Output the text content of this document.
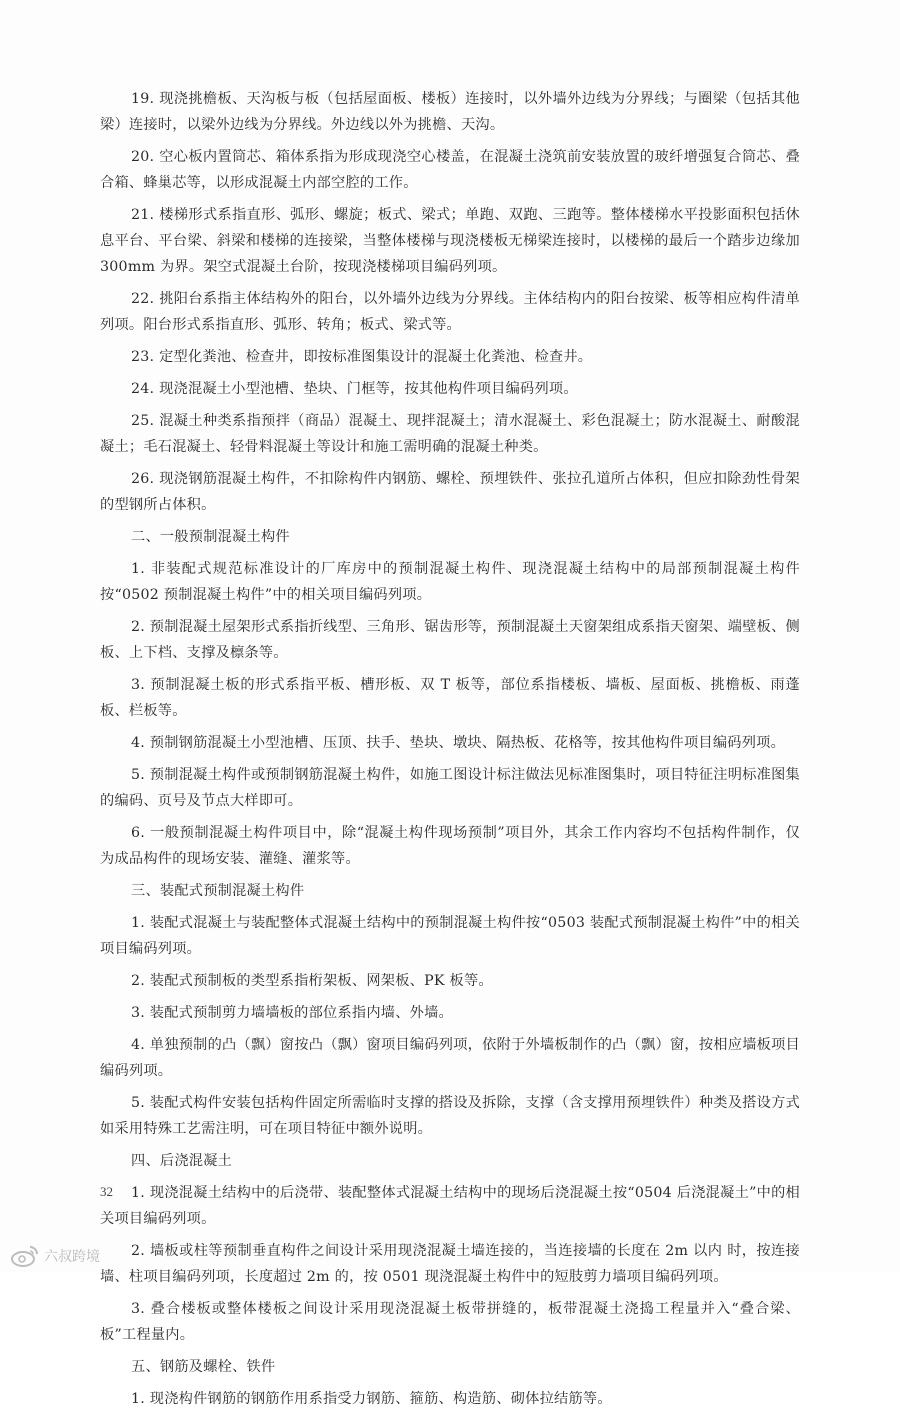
19. 现浇挑檐板、天沟板与板（包括屋面板、楼板）连接时，以外墙外边线为分界线；与圈梁（包括其他梁）连接时，以梁外边线为分界线。外边线以外为挑檐、天沟。

20. 空心板内置筒芯、箱体系指为形成现浇空心楼盖，在混凝土浇筑前安装放置的玻纤增强复合筒芯、叠合箱、蜂巢芯等，以形成混凝土内部空腔的工作。

21. 楼梯形式系指直形、弧形、螺旋；板式、梁式；单跑、双跑、三跑等。整体楼梯水平投影面积包括休息平台、平台梁、斜梁和楼梯的连接梁，当整体楼梯与现浇楼板无梯梁连接时，以楼梯的最后一个踏步边缘加 300mm 为界。架空式混凝土台阶，按现浇楼梯项目编码列项。

22. 挑阳台系指主体结构外的阳台，以外墙外边线为分界线。主体结构内的阳台按梁、板等相应构件清单列项。阳台形式系指直形、弧形、转角；板式、梁式等。

23. 定型化粪池、检查井，即按标准图集设计的混凝土化粪池、检查井。

24. 现浇混凝土小型池槽、垫块、门框等，按其他构件项目编码列项。

25. 混凝土种类系指预拌（商品）混凝土、现拌混凝土；清水混凝土、彩色混凝土；防水混凝土、耐酸混凝土；毛石混凝土、轻骨料混凝土等设计和施工需明确的混凝土种类。

26. 现浇钢筋混凝土构件，不扣除构件内钢筋、螺栓、预埋铁件、张拉孔道所占体积，但应扣除劲性骨架的型钢所占体积。

二、一般预制混凝土构件

1. 非装配式规范标准设计的厂库房中的预制混凝土构件、现浇混凝土结构中的局部预制混凝土构件按“0502 预制混凝土构件”中的相关项目编码列项。

2. 预制混凝土屋架形式系指折线型、三角形、锯齿形等，预制混凝土天窗架组成系指天窗架、端壁板、侧板、上下档、支撑及檩条等。

3. 预制混凝土板的形式系指平板、槽形板、双 T 板等，部位系指楼板、墙板、屋面板、挑檐板、雨蓬板、栏板等。

4. 预制钢筋混凝土小型池槽、压顶、扶手、垫块、墩块、隔热板、花格等，按其他构件项目编码列项。

5. 预制混凝土构件或预制钢筋混凝土构件，如施工图设计标注做法见标准图集时，项目特征注明标准图集的编码、页号及节点大样即可。

6. 一般预制混凝土构件项目中，除“混凝土构件现场预制”项目外，其余工作内容均不包括构件制作，仅为成品构件的现场安装、灌缝、灌浆等。

三、装配式预制混凝土构件

1. 装配式混凝土与装配整体式混凝土结构中的预制混凝土构件按“0503 装配式预制混凝土构件”中的相关项目编码列项。

2. 装配式预制板的类型系指桁架板、网架板、PK 板等。

3. 装配式预制剪力墙墙板的部位系指内墙、外墙。

4. 单独预制的凸（飘）窗按凸（飘）窗项目编码列项，依附于外墙板制作的凸（飘）窗，按相应墙板项目编码列项。

5. 装配式构件安装包括构件固定所需临时支撑的搭设及拆除，支撑（含支撑用预埋铁件）种类及搭设方式如采用特殊工艺需注明，可在项目特征中额外说明。

四、后浇混凝土

1. 现浇混凝土结构中的后浇带、装配整体式混凝土结构中的现场后浇混凝土按“0504 后浇混凝土”中的相关项目编码列项。

2. 墙板或柱等预制垂直构件之间设计采用现浇混凝土墙连接的，当连接墙的长度在 2m 以内 时，按连接墙、柱项目编码列项，长度超过 2m 的，按 0501 现浇混凝土构件中的短肢剪力墙项目编码列项。

3. 叠合楼板或整体楼板之间设计采用现浇混凝土板带拼缝的，板带混凝土浇捣工程量并入“叠合梁、板”工程量内。

五、钢筋及螺栓、铁件

1. 现浇构件钢筋的钢筋作用系指受力钢筋、箍筋、构造筋、砌体拉结筋等。

32
六叔跨境
